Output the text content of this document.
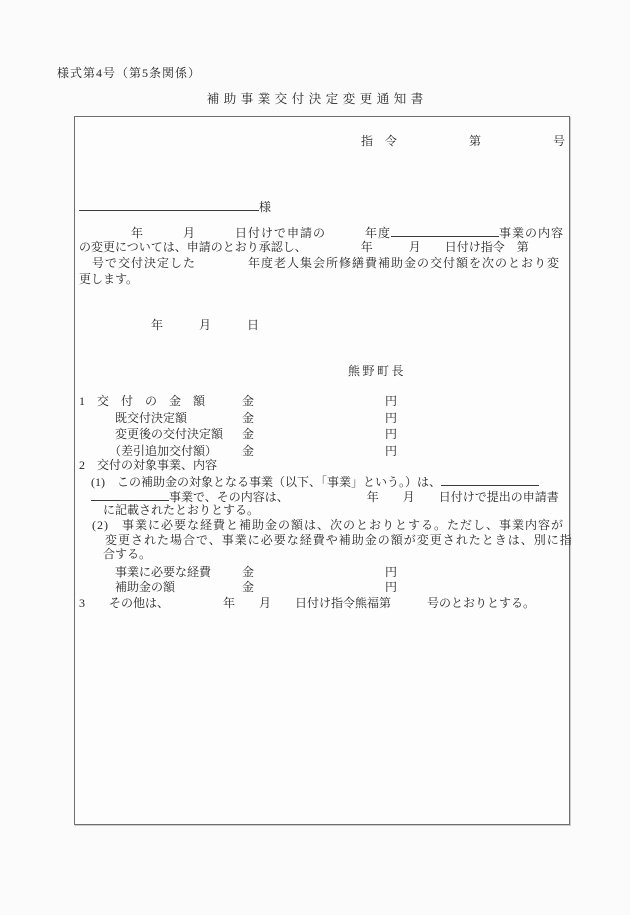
様式第4号（第5条関係）
補助事業交付決定変更通知書
指　令　　　　　　第　　　　　　号
様
　　　　年　　　月　　　日付けで申請の　　　年度	事業の内容
の変更については、申請のとおり承認し、　　　　　年　　　月　　日付け指令　第
　号で交付決定した　　　　年度老人集会所修繕費補助金の交付額を次のとおり変
更します。
　　　　　　年　　　月　　　日
熊野町長
1　交　付　の　金　額	金	円
　　　既交付決定額	金	円
　　　変更後の交付決定額 金	円
　　　（差引追加交付額） 金	円
2　交付の対象事業、内容
　(1)　この補助金の対象となる事業（以下、「事業」という。）は、
　事業で、その内容は、　　　　　　　年　　月　　日付けで提出の申請書
　　に記載されたとおりとする。
　(2)　事業に必要な経費と補助金の額は、次のとおりとする。ただし、事業内容が
　　変更された場合で、事業に必要な経費や補助金の額が変更されたときは、別に指
　　合する。
　　　事業に必要な経費	金	円
　　　補助金の額	金	円
3　　その他は、　　　　　年　　月　　日付け指令熊福第　　　号のとおりとする。
